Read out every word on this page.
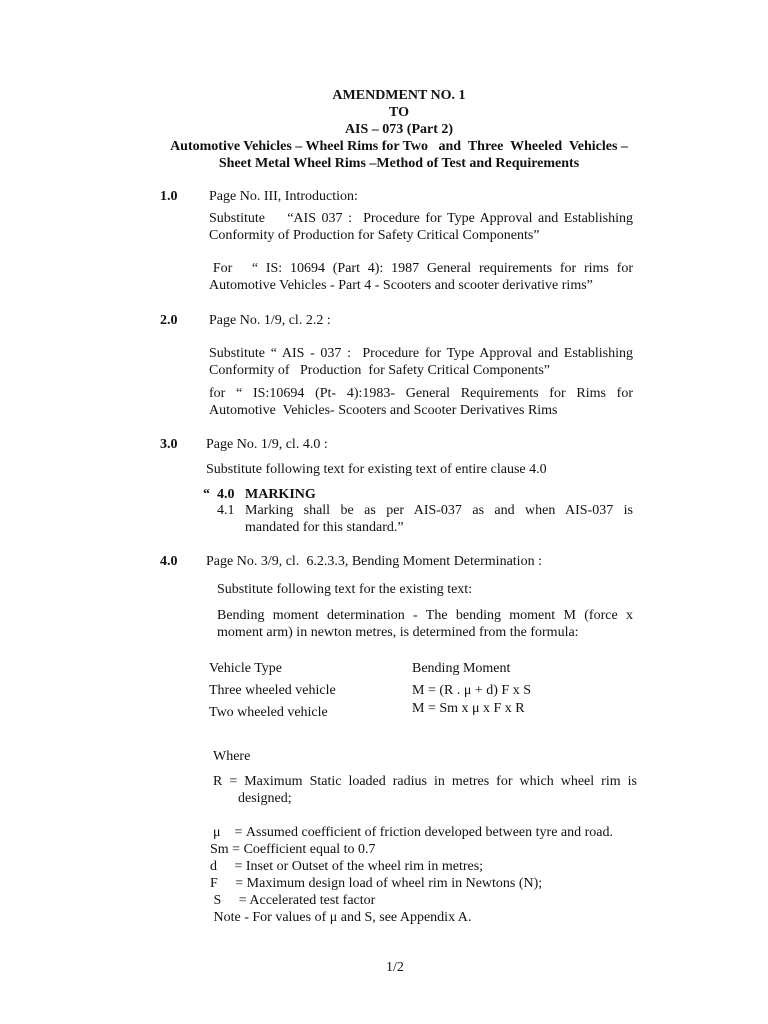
AMENDMENT NO. 1
TO
AIS – 073 (Part 2)
Automotive Vehicles – Wheel Rims for Two   and  Three  Wheeled  Vehicles –
Sheet Metal Wheel Rims –Method of Test and Requirements
1.0 Page No. III, Introduction:
Substitute    “AIS 037 :  Procedure for Type Approval and Establishing
Conformity of Production for Safety Critical Components”
For     “  IS:  10694  (Part  4):  1987  General  requirements  for  rims  for
Automotive Vehicles - Part 4 - Scooters and scooter derivative rims”
2.0 Page No. 1/9, cl. 2.2 :
Substitute “ AIS - 037 :  Procedure for Type Approval and Establishing
Conformity of   Production  for Safety Critical Components”
for  “  IS:10694  (Pt-  4):1983-  General  Requirements  for  Rims  for
Automotive  Vehicles- Scooters and Scooter Derivatives Rims
3.0 Page No. 1/9, cl. 4.0 :
Substitute following text for existing text of entire clause 4.0
“  4.0   MARKING
4.1 Marking  shall  be  as  per  AIS-037  as  and  when  AIS-037  is
mandated for this standard.”
4.0 Page No. 3/9, cl.  6.2.3.3, Bending Moment Determination :
Substitute following text for the existing text:
Bending  moment  determination  -  The  bending  moment  M  (force  x
moment arm) in newton metres, is determined from the formula:
Vehicle Type	Bending Moment
Three wheeled vehicle	M = (R . μ + d) F x S
Two wheeled vehicle	M = Sm x μ x F x R
Where
R  =  Maximum  Static  loaded  radius  in  metres  for  which  wheel  rim  is
designed;
μ    = Assumed coefficient of friction developed between tyre and road.
Sm = Coefficient equal to 0.7
d     = Inset or Outset of the wheel rim in metres;
F     = Maximum design load of wheel rim in Newtons (N);
S     = Accelerated test factor
Note - For values of μ and S, see Appendix A.
1/2
